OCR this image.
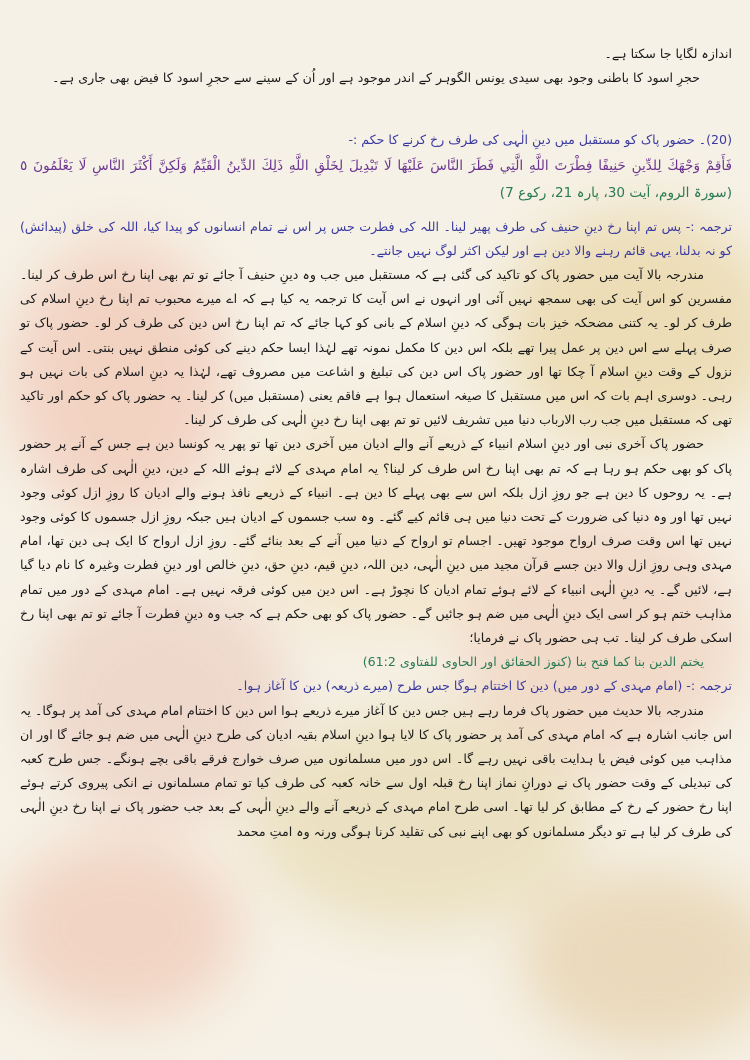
اندازہ لگایا جا سکتا ہے۔

حجرِ اسود کا باطنی وجود بھی سیدی یونس الگوہر کے اندر موجود ہے اور اُن کے سینے سے حجرِ اسود کا فیض بھی جاری ہے۔

(20)۔ حضور پاک کو مستقبل میں دینِ الٰہی کی طرف رخ کرنے کا حکم :-

فَأَقِمْ وَجْهَكَ لِلدِّينِ حَنِيفًا فِطْرَتَ اللَّهِ الَّتِي فَطَرَ النَّاسَ عَلَيْهَا لَا تَبْدِيلَ لِخَلْقِ اللَّهِ ذَلِكَ الدِّينُ الْقَيِّمُ وَلَكِنَّ أَكْثَرَ النَّاسِ لَا يَعْلَمُونَ ٥ (سورۃ الروم، آیت 30، پارہ 21، رکوع 7)

ترجمہ :- پس تم اپنا رخ دینِ حنیف کی طرف پھیر لینا۔ اللہ کی فطرت جس پر اس نے تمام انسانوں کو پیدا کیا، اللہ کی خلق (پیدائش) کو نہ بدلنا، یہی قائم رہنے والا دین ہے اور لیکن اکثر لوگ نہیں جانتے۔

مندرجہ بالا آیت میں حضور پاک کو تاکید کی گئی ہے کہ مستقبل میں جب وہ دینِ حنیف آ جائے تو تم بھی اپنا رخ اس طرف کر لینا۔ مفسرین کو اس آیت کی بھی سمجھ نہیں آئی اور انہوں نے اس آیت کا ترجمہ یہ کیا ہے کہ اے میرے محبوب تم اپنا رخ دینِ اسلام کی طرف کر لو۔ یہ کتنی مضحکہ خیز بات ہوگی کہ دینِ اسلام کے بانی کو کہا جائے کہ تم اپنا رخ اس دین کی طرف کر لو۔ حضور پاک تو صرف پہلے سے اس دین پر عمل پیرا تھے بلکہ اس دین کا مکمل نمونہ تھے لہٰذا ایسا حکم دینے کی کوئی منطق نہیں بنتی۔ اس آیت کے نزول کے وقت دینِ اسلام آ چکا تھا اور حضور پاک اس دین کی تبلیغ و اشاعت میں مصروف تھے، لہٰذا یہ دینِ اسلام کی بات نہیں ہو رہی۔ دوسری اہم بات کہ اس میں مستقبل کا صیغہ استعمال ہوا ہے فاقم یعنی (مستقبل میں) کر لینا۔ یہ حضور پاک کو حکم اور تاکید تھی کہ مستقبل میں جب رب الارباب دنیا میں تشریف لائیں تو تم بھی اپنا رخ دینِ الٰہی کی طرف کر لینا۔

حضور پاک آخری نبی اور دینِ اسلام انبیاء کے ذریعے آنے والے ادیان میں آخری دین تھا تو پھر یہ کونسا دین ہے جس کے آنے پر حضور پاک کو بھی حکم ہو رہا ہے کہ تم بھی اپنا رخ اس طرف کر لینا؟ یہ امام مہدی کے لائے ہوئے اللہ کے دین، دینِ الٰہی کی طرف اشارہ ہے۔ یہ روحوں کا دین ہے جو روزِ ازل بلکہ اس سے بھی پہلے کا دین ہے۔ انبیاء کے ذریعے نافذ ہونے والے ادیان کا روزِ ازل کوئی وجود نہیں تھا اور وہ دنیا کی ضرورت کے تحت دنیا میں ہی قائم کیے گئے۔ وہ سب جسموں کے ادیان ہیں جبکہ روزِ ازل جسموں کا کوئی وجود نہیں تھا اس وقت صرف ارواح موجود تھیں۔ اجسام تو ارواح کے دنیا میں آنے کے بعد بنائے گئے۔ روزِ ازل ارواح کا ایک ہی دین تھا، امام مہدی وہی روزِ ازل والا دین جسے قرآن مجید میں دینِ الٰہی، دین اللہ، دینِ قیم، دینِ حق، دینِ خالص اور دینِ فطرت وغیرہ کا نام دیا گیا ہے، لائیں گے۔ یہ دینِ الٰہی انبیاء کے لائے ہوئے تمام ادیان کا نچوڑ ہے۔ اس دین میں کوئی فرقہ نہیں ہے۔ امام مہدی کے دور میں تمام مذاہب ختم ہو کر اسی ایک دینِ الٰہی میں ضم ہو جائیں گے۔ حضور پاک کو بھی حکم ہے کہ جب وہ دینِ فطرت آ جائے تو تم بھی اپنا رخ اسکی طرف کر لینا۔ تب ہی حضور پاک نے فرمایا؛

يختم الدين بنا كما فتح بنا (کنوز الحقائق اور الحاوی للفتاوی 61:2)

ترجمہ :- (امام مہدی کے دور میں) دین کا اختتام ہوگا جس طرح (میرے ذریعہ) دین کا آغاز ہوا۔

مندرجہ بالا حدیث میں حضور پاک فرما رہے ہیں جس دین کا آغاز میرے ذریعے ہوا اس دین کا اختتام امام مہدی کی آمد پر ہوگا۔ یہ اس جانب اشارہ ہے کہ امام مہدی کی آمد پر حضور پاک کا لایا ہوا دینِ اسلام بقیہ ادیان کی طرح دینِ الٰہی میں ضم ہو جائے گا اور ان مذاہب میں کوئی فیض یا ہدایت باقی نہیں رہے گا۔ اس دور میں مسلمانوں میں صرف خوارج فرقے باقی بچے ہونگے۔ جس طرح کعبہ کی تبدیلی کے وقت حضور پاک نے دورانِ نماز اپنا رخ قبلہ اول سے خانہ کعبہ کی طرف کیا تو تمام مسلمانوں نے انکی پیروی کرتے ہوئے اپنا رخ حضور کے رخ کے مطابق کر لیا تھا۔ اسی طرح امام مہدی کے ذریعے آنے والے دینِ الٰہی کے بعد جب حضور پاک نے اپنا رخ دینِ الٰہی کی طرف کر لیا ہے تو دیگر مسلمانوں کو بھی اپنے نبی کی تقلید کرنا ہوگی ورنہ وہ امتِ محمد
